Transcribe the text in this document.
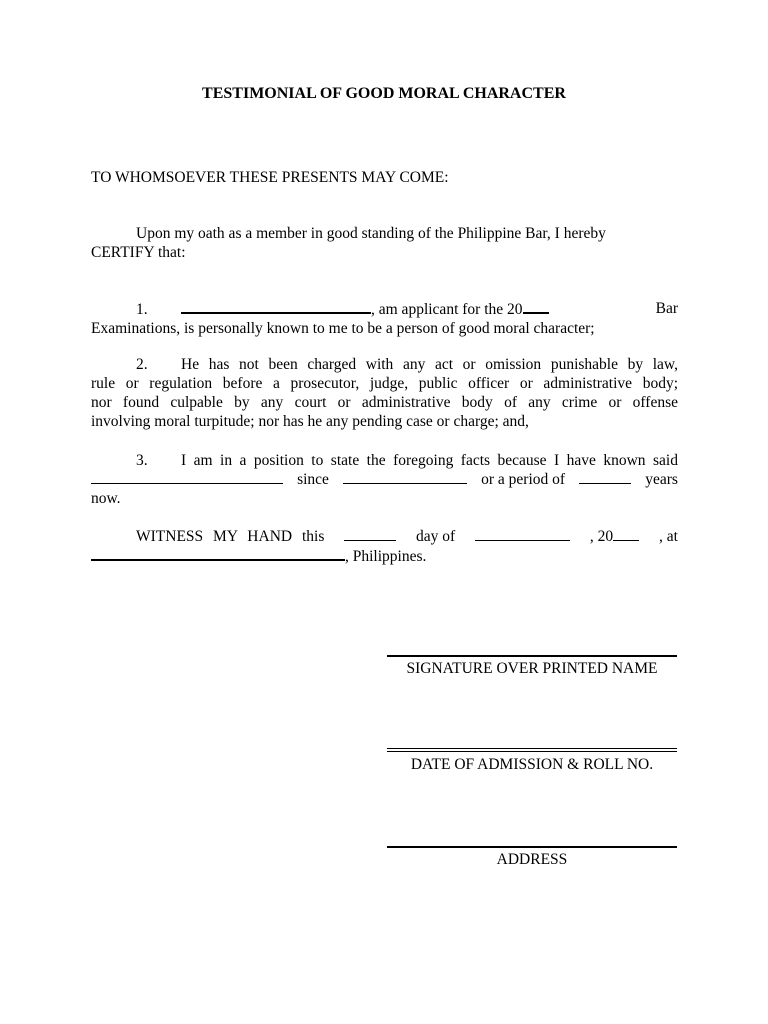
TESTIMONIAL OF GOOD MORAL CHARACTER
TO WHOMSOEVER THESE PRESENTS MAY COME:
Upon my oath as a member in good standing of the Philippine Bar, I hereby
CERTIFY that:
1.	, am applicant for the 20	Bar
Examinations, is personally known to me to be a person of good moral character;
2.	He has not been charged with any act or omission punishable by law,
rule or regulation before a prosecutor, judge, public officer or administrative body;
nor found culpable by any court or administrative body of any crime or offense
involving moral turpitude; nor has he any pending case or charge; and,
3.	I am in a position to state the foregoing facts because I have known said
since	or a period of	years
now.
WITNESS MY HAND this	day of	, 20	, at
, Philippines.
SIGNATURE OVER PRINTED NAME
DATE OF ADMISSION & ROLL NO.
ADDRESS
